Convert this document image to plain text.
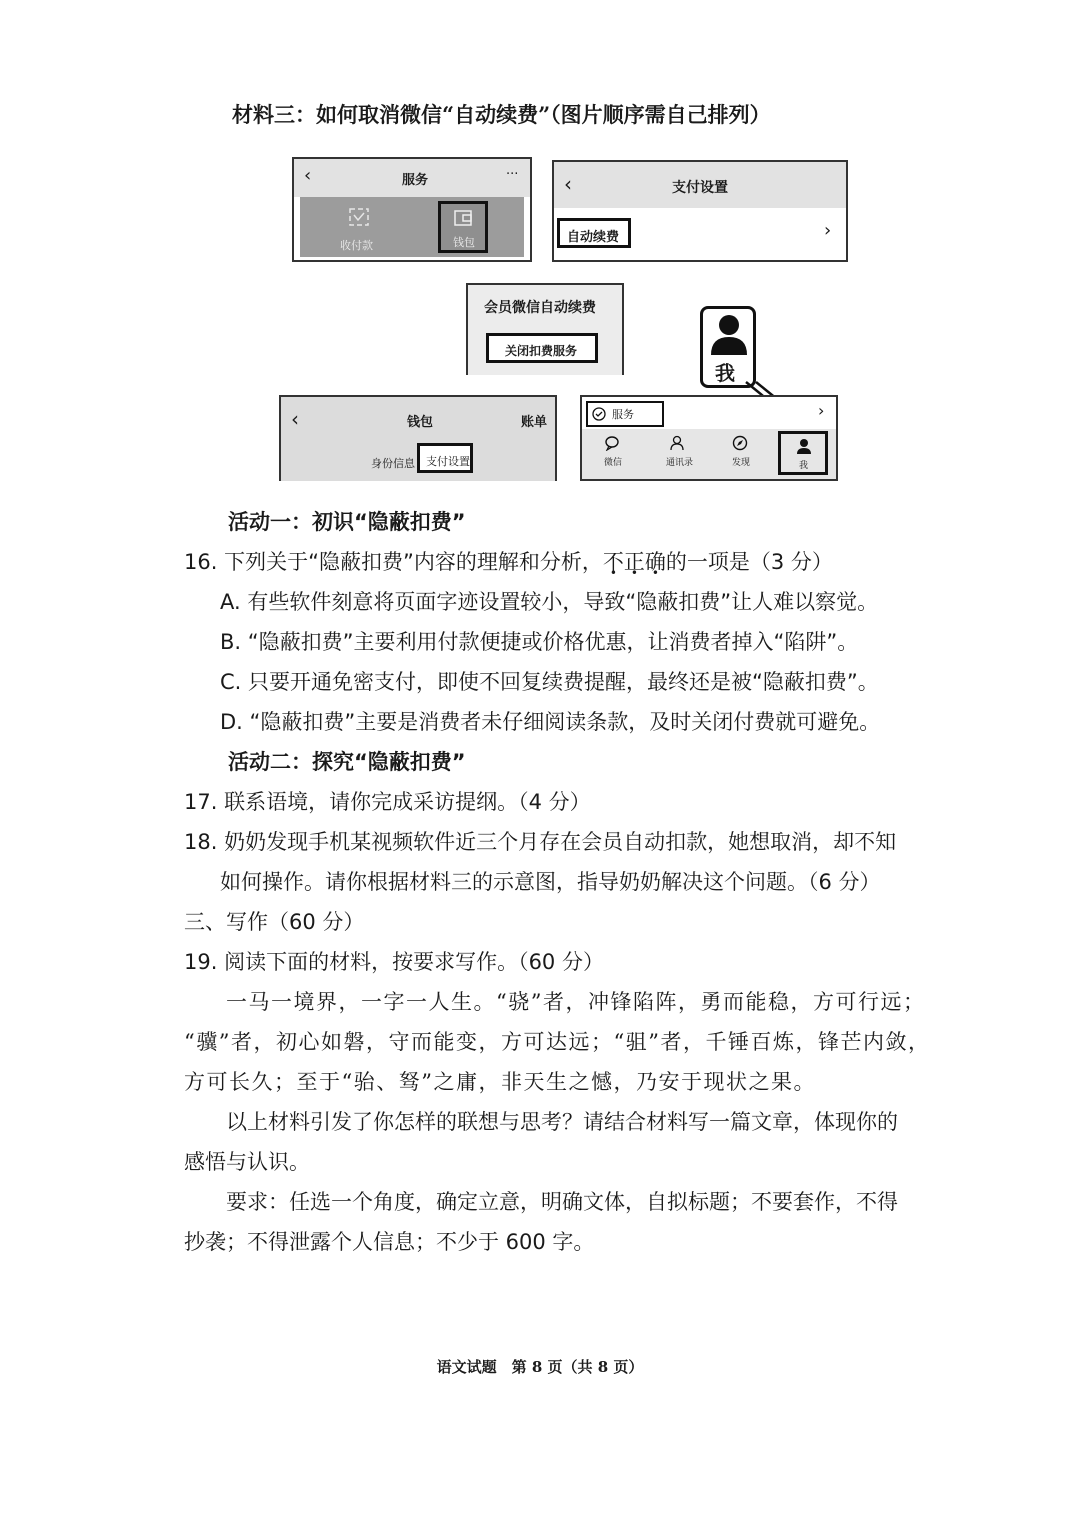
材料三：如何取消微信“自动续费”（图片顺序需自己排列）
‹	服务	···
收付款	钱包
‹	支付设置
自动续费	›
会员微信自动续费
关闭扣费服务
我
‹	钱包	账单
身份信息 支付设置
服务	›
微信	通讯录	发现	我
活动一：初识“隐蔽扣费”
16. 下列关于“隐蔽扣费”内容的理解和分析，不正确的一项是（3 分）
A. 有些软件刻意将页面字迹设置较小，导致“隐蔽扣费”让人难以察觉。
B. “隐蔽扣费”主要利用付款便捷或价格优惠，让消费者掉入“陷阱”。
C. 只要开通免密支付，即使不回复续费提醒，最终还是被“隐蔽扣费”。
D. “隐蔽扣费”主要是消费者未仔细阅读条款，及时关闭付费就可避免。
活动二：探究“隐蔽扣费”
17. 联系语境，请你完成采访提纲。（4 分）
18. 奶奶发现手机某视频软件近三个月存在会员自动扣款，她想取消，却不知
如何操作。请你根据材料三的示意图，指导奶奶解决这个问题。（6 分）
三、写作（60 分）
19. 阅读下面的材料，按要求写作。（60 分）
一马一境界，一字一人生。“骁”者，冲锋陷阵，勇而能稳，方可行远；
“骥”者，初心如磐，守而能变，方可达远；“驵”者，千锤百炼，锋芒内敛，
方可长久；至于“骀、驽”之庸，非天生之憾，乃安于现状之果。
以上材料引发了你怎样的联想与思考？请结合材料写一篇文章，体现你的
感悟与认识。
要求：任选一个角度，确定立意，明确文体，自拟标题；不要套作，不得
抄袭；不得泄露个人信息；不少于 600 字。
语文试题　第 8 页（共 8 页）
